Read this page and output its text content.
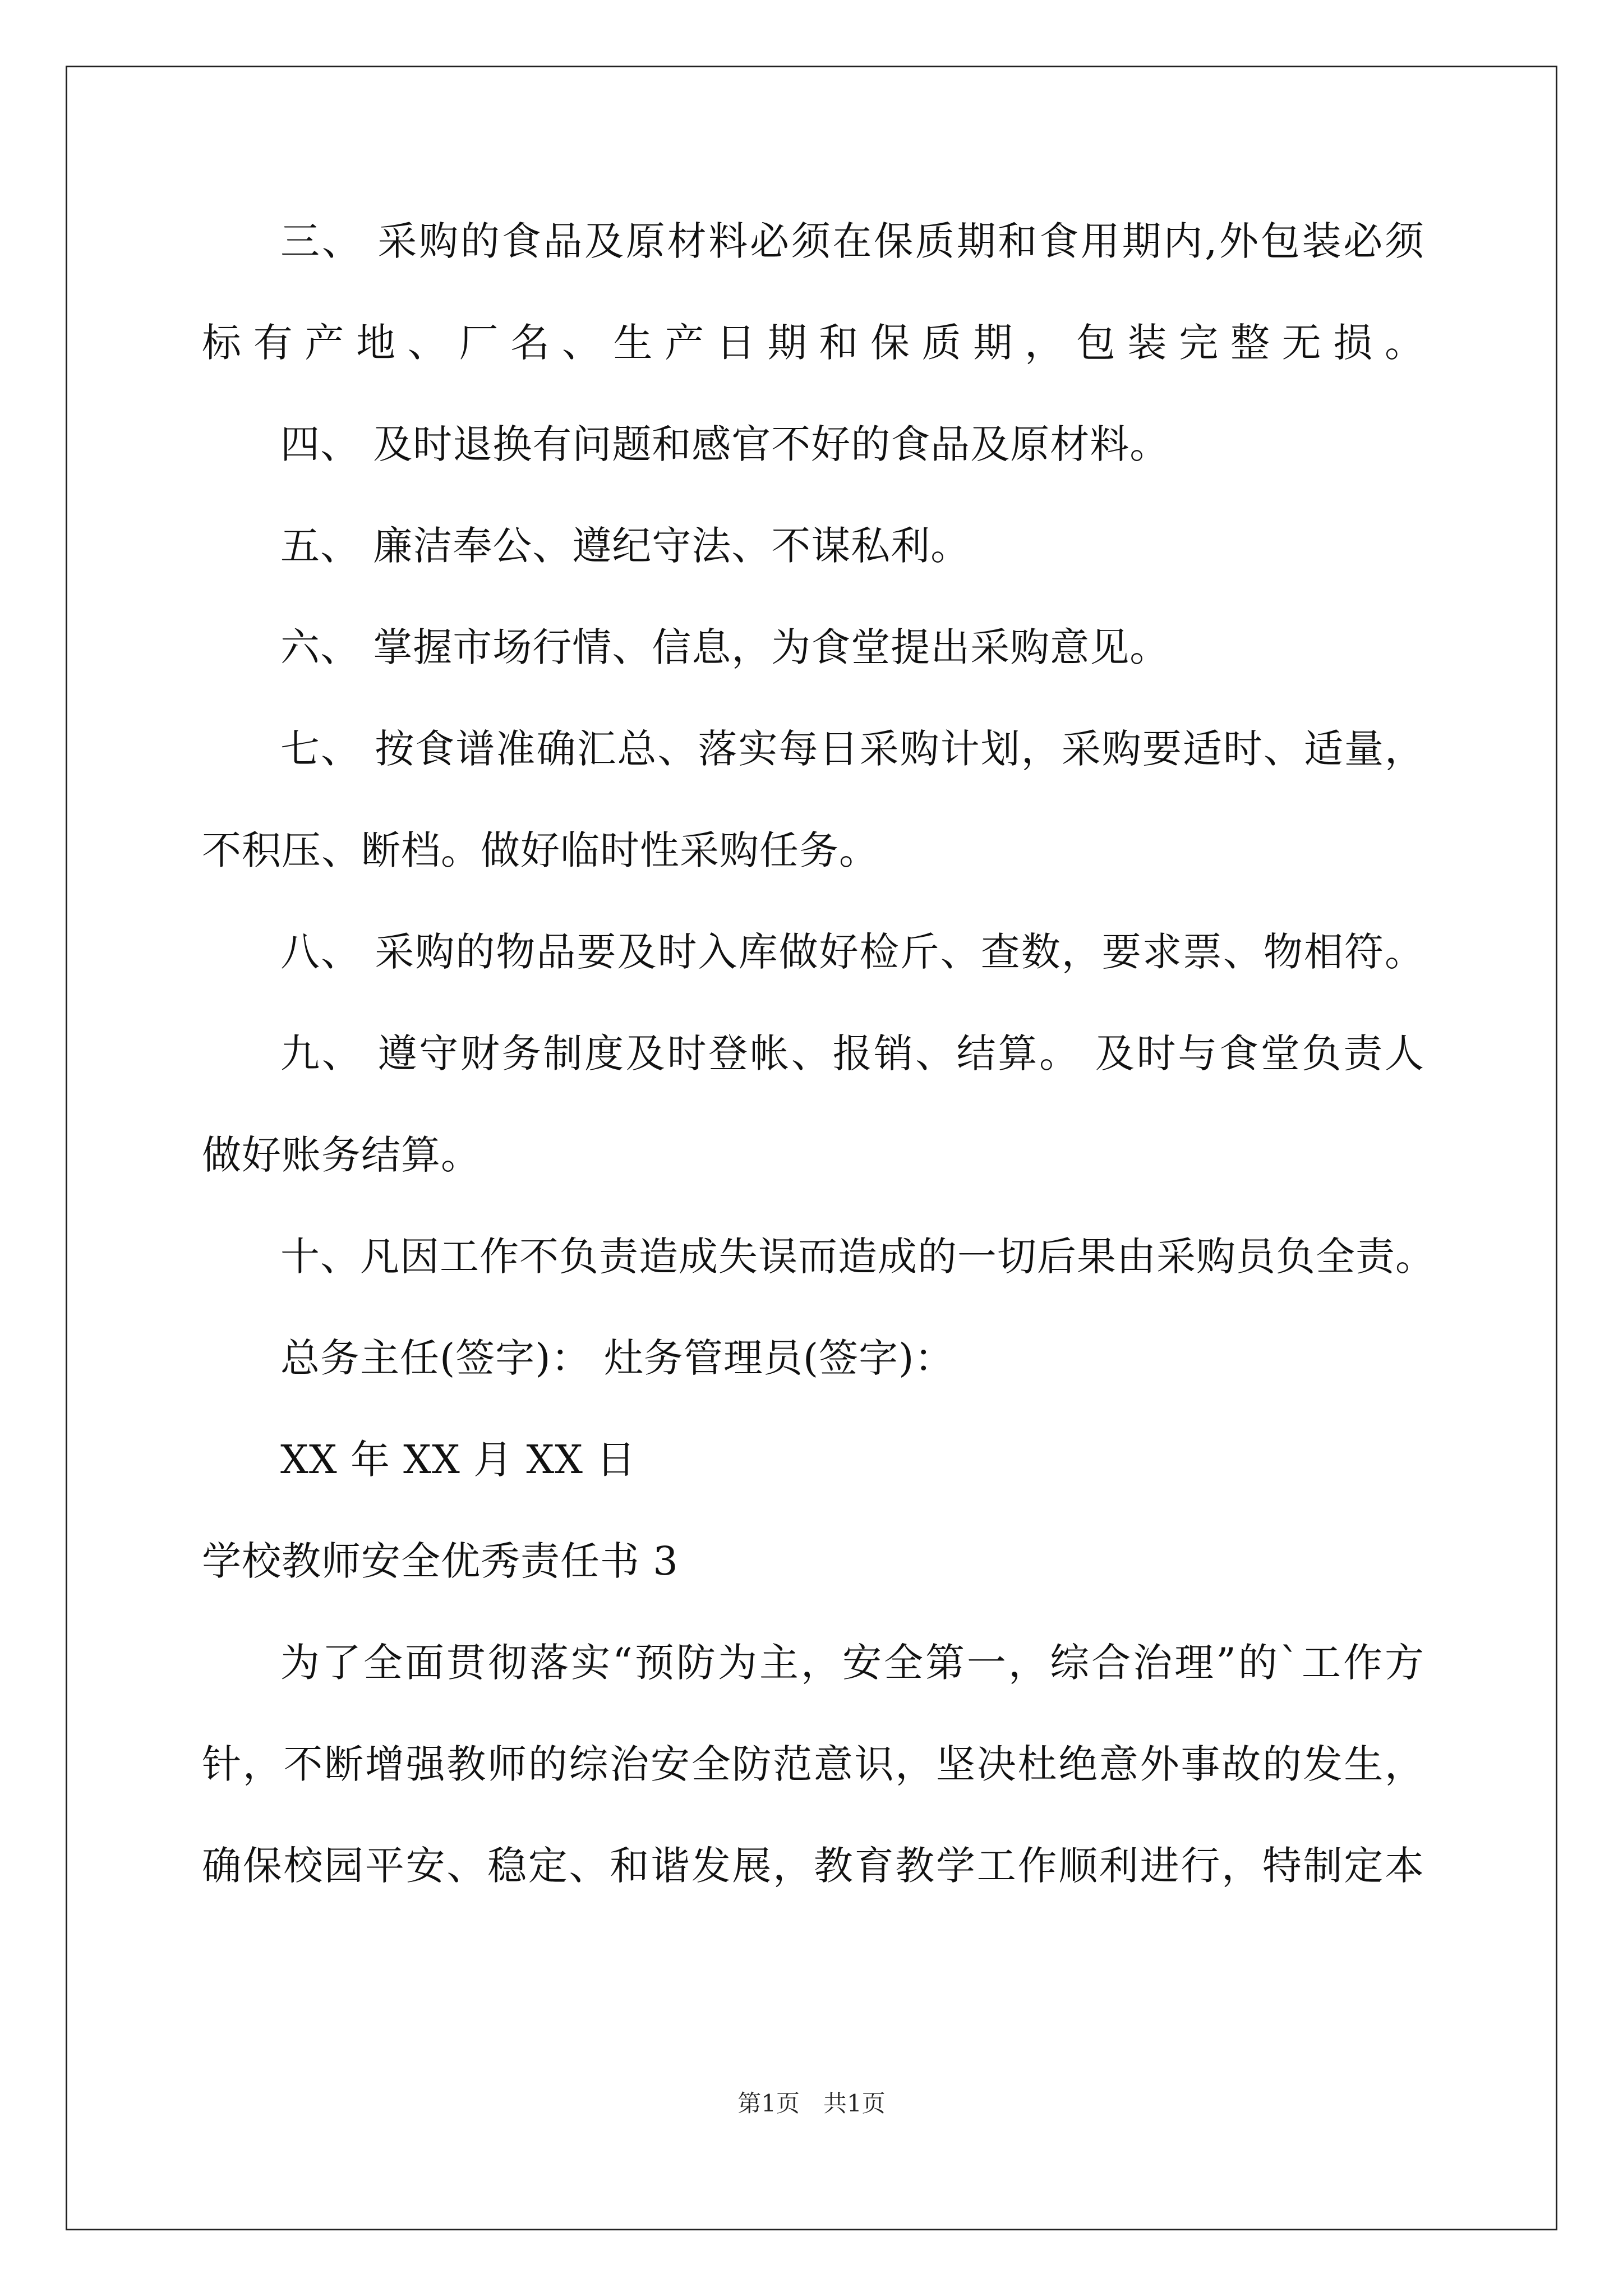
三、 采购的食品及原材料必须在保质期和食用期内,外包装必须
标有产地、厂名、生产日期和保质期，包装完整无损。
四、 及时退换有问题和感官不好的食品及原材料。
五、 廉洁奉公、遵纪守法、不谋私利。
六、 掌握市场行情、信息，为食堂提出采购意见。
七、 按食谱准确汇总、落实每日采购计划，采购要适时、适量，
不积压、断档。做好临时性采购任务。
八、 采购的物品要及时入库做好检斤、查数，要求票、物相符。
九、 遵守财务制度及时登帐、报销、结算。 及时与食堂负责人
做好账务结算。
十、凡因工作不负责造成失误而造成的一切后果由采购员负全责。
总务主任(签字)： 灶务管理员(签字)：
XX 年 XX 月 XX 日
学校教师安全优秀责任书 3
为了全面贯彻落实“预防为主，安全第一，综合治理”的`工作方
针，不断增强教师的综治安全防范意识，坚决杜绝意外事故的发生，
确保校园平安、稳定、和谐发展，教育教学工作顺利进行，特制定本
第1页　共1页
